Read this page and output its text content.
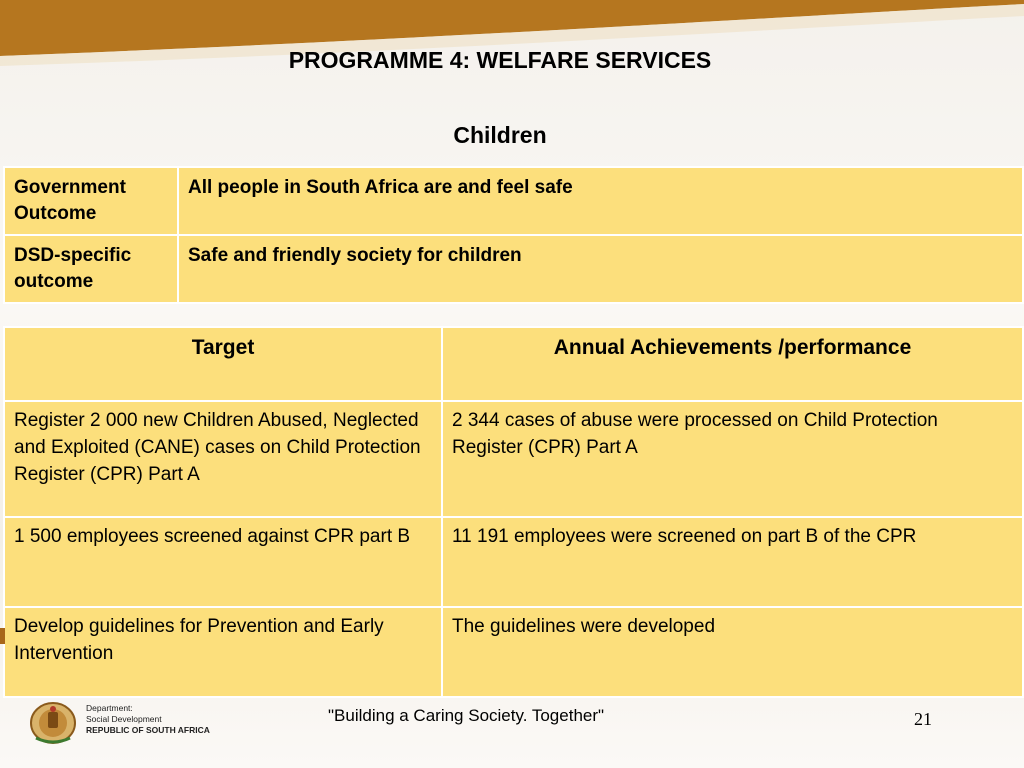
PROGRAMME 4: WELFARE SERVICES
Children
Government Outcome	All people in South Africa are and feel safe
DSD-specific outcome	Safe and friendly society for children
Target	Annual Achievements /performance
Register 2 000 new Children Abused, Neglected and Exploited (CANE) cases on Child Protection Register (CPR) Part A	2 344 cases of abuse were processed on Child Protection Register (CPR) Part A
1 500 employees screened against CPR part B	11 191 employees were screened on part B of the CPR
Develop guidelines for Prevention and Early Intervention	The guidelines were developed
Department:
Social Development
REPUBLIC OF SOUTH AFRICA
"Building a Caring Society. Together"	21
